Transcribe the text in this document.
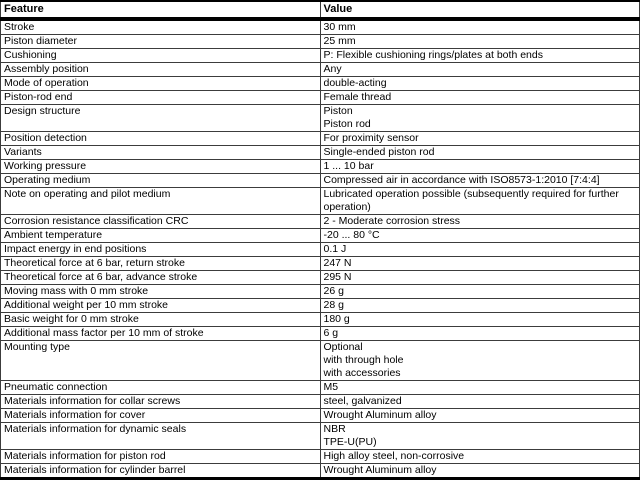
Feature	Value
Stroke	30 mm

Piston diameter	25 mm

Cushioning	P: Flexible cushioning rings/plates at both ends

Assembly position	Any

Mode of operation	double-acting

Piston-rod end	Female thread

Design structure	Piston
Piston rod

Position detection	For proximity sensor

Variants	Single-ended piston rod

Working pressure	1 ... 10 bar

Operating medium	Compressed air in accordance with ISO8573-1:2010 [7:4:4]

Note on operating and pilot medium	Lubricated operation possible (subsequently required for further operation)

Corrosion resistance classification CRC	2 - Moderate corrosion stress

Ambient temperature	-20 ... 80 °C

Impact energy in end positions	0.1 J

Theoretical force at 6 bar, return stroke	247 N

Theoretical force at 6 bar, advance stroke	295 N

Moving mass with 0 mm stroke	26 g

Additional weight per 10 mm stroke	28 g

Basic weight for 0 mm stroke	180 g

Additional mass factor per 10 mm of stroke	6 g

Mounting type	Optional
with through hole
with accessories

Pneumatic connection	M5

Materials information for collar screws	steel, galvanized

Materials information for cover	Wrought Aluminum alloy

Materials information for dynamic seals	NBR
TPE-U(PU)

Materials information for piston rod	High alloy steel, non-corrosive

Materials information for cylinder barrel	Wrought Aluminum alloy
